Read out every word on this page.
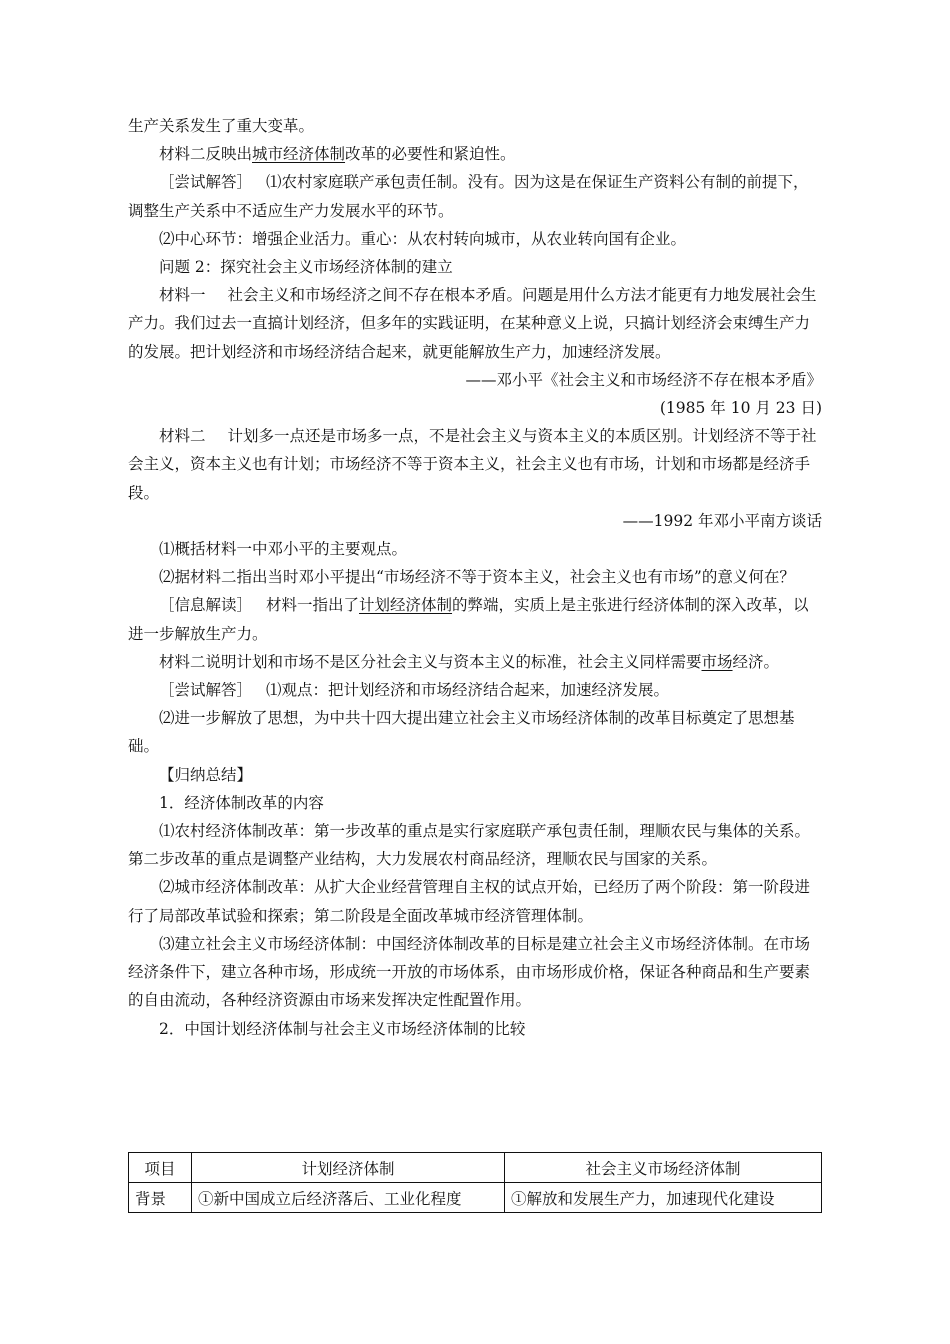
生产关系发生了重大变革。

材料二反映出城市经济体制改革的必要性和紧迫性。

［尝试解答］ ⑴农村家庭联产承包责任制。没有。因为这是在保证生产资料公有制的前提下，调整生产关系中不适应生产力发展水平的环节。

⑵中心环节：增强企业活力。重心：从农村转向城市，从农业转向国有企业。

问题 2：探究社会主义市场经济体制的建立

材料一 社会主义和市场经济之间不存在根本矛盾。问题是用什么方法才能更有力地发展社会生产力。我们过去一直搞计划经济，但多年的实践证明，在某种意义上说，只搞计划经济会束缚生产力的发展。把计划经济和市场经济结合起来，就更能解放生产力，加速经济发展。

——邓小平《社会主义和市场经济不存在根本矛盾》

(1985 年 10 月 23 日)

材料二 计划多一点还是市场多一点，不是社会主义与资本主义的本质区别。计划经济不等于社会主义，资本主义也有计划；市场经济不等于资本主义，社会主义也有市场，计划和市场都是经济手段。

——1992 年邓小平南方谈话

⑴概括材料一中邓小平的主要观点。

⑵据材料二指出当时邓小平提出“市场经济不等于资本主义，社会主义也有市场”的意义何在？

［信息解读］ 材料一指出了计划经济体制的弊端，实质上是主张进行经济体制的深入改革，以进一步解放生产力。

材料二说明计划和市场不是区分社会主义与资本主义的标准，社会主义同样需要市场经济。

［尝试解答］ ⑴观点：把计划经济和市场经济结合起来，加速经济发展。

⑵进一步解放了思想，为中共十四大提出建立社会主义市场经济体制的改革目标奠定了思想基础。

【归纳总结】

1．经济体制改革的内容

⑴农村经济体制改革：第一步改革的重点是实行家庭联产承包责任制，理顺农民与集体的关系。第二步改革的重点是调整产业结构，大力发展农村商品经济，理顺农民与国家的关系。

⑵城市经济体制改革：从扩大企业经营管理自主权的试点开始，已经历了两个阶段：第一阶段进行了局部改革试验和探索；第二阶段是全面改革城市经济管理体制。

⑶建立社会主义市场经济体制：中国经济体制改革的目标是建立社会主义市场经济体制。在市场经济条件下，建立各种市场，形成统一开放的市场体系，由市场形成价格，保证各种商品和生产要素的自由流动，各种经济资源由市场来发挥决定性配置作用。

2．中国计划经济体制与社会主义市场经济体制的比较

项目	计划经济体制	社会主义市场经济体制
背景	①新中国成立后经济落后、工业化程度	①解放和发展生产力，加速现代化建设
